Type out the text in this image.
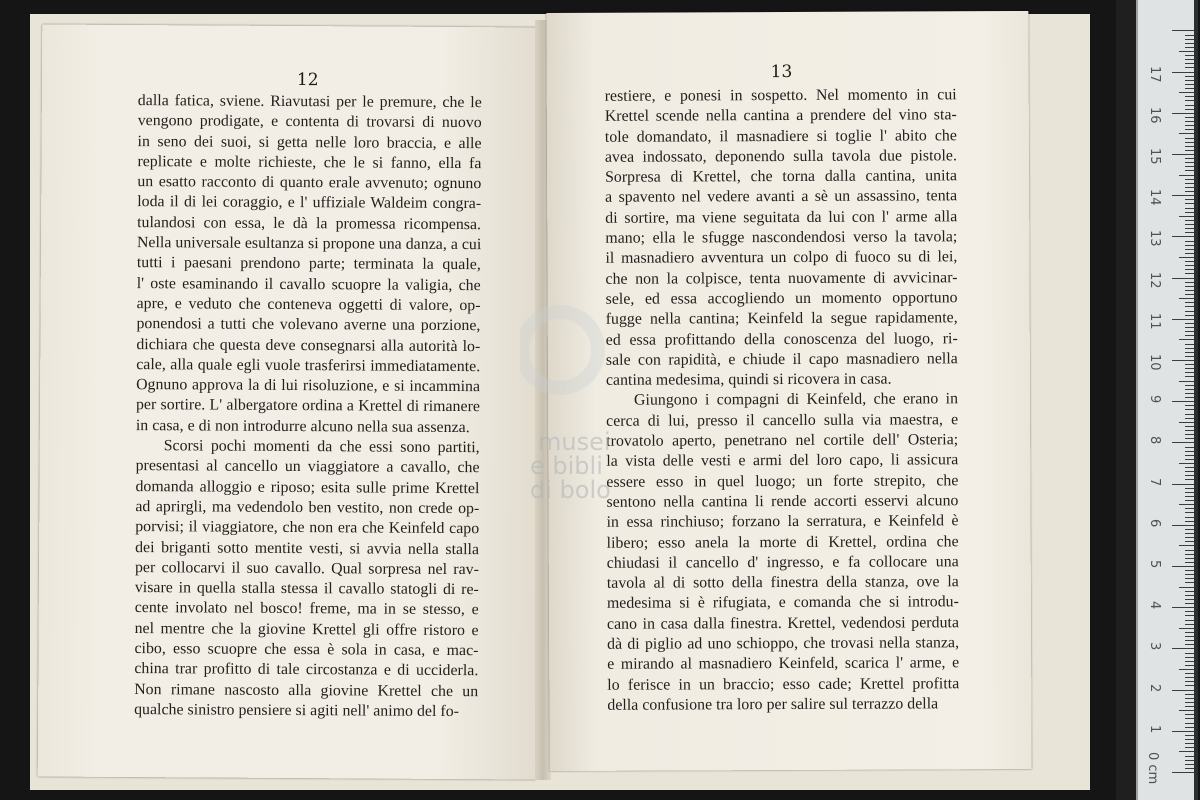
12
dalla fatica, sviene. Riavutasi per le premure, che le
vengono prodigate, e contenta di trovarsi di nuovo
in seno dei suoi, si getta nelle loro braccia, e alle
replicate e molte richieste, che le si fanno, ella fa
un esatto racconto di quanto erale avvenuto; ognuno
loda il di lei coraggio, e l' uffiziale Waldeim congra-
tulandosi con essa, le dà la promessa ricompensa.
Nella universale esultanza si propone una danza, a cui
tutti i paesani prendono parte; terminata la quale,
l' oste esaminando il cavallo scuopre la valigia, che
apre, e veduto che conteneva oggetti di valore, op-
ponendosi a tutti che volevano averne una porzione,
dichiara che questa deve consegnarsi alla autorità lo-
cale, alla quale egli vuole trasferirsi immediatamente.
Ognuno approva la di lui risoluzione, e si incammina
per sortire. L' albergatore ordina a Krettel di rimanere
in casa, e di non introdurre alcuno nella sua assenza.
Scorsi pochi momenti da che essi sono partiti,
presentasi al cancello un viaggiatore a cavallo, che
domanda alloggio e riposo; esita sulle prime Krettel
ad aprirgli, ma vedendolo ben vestito, non crede op-
porvisi; il viaggiatore, che non era che Keinfeld capo
dei briganti sotto mentite vesti, si avvia nella stalla
per collocarvi il suo cavallo. Qual sorpresa nel rav-
visare in quella stalla stessa il cavallo statogli di re-
cente involato nel bosco! freme, ma in se stesso, e
nel mentre che la giovine Krettel gli offre ristoro e
cibo, esso scuopre che essa è sola in casa, e mac-
china trar profitto di tale circostanza e di ucciderla.
Non rimane nascosto alla giovine Krettel che un
qualche sinistro pensiere si agiti nell' animo del fo-
13
restiere, e ponesi in sospetto. Nel momento in cui
Krettel scende nella cantina a prendere del vino sta-
tole domandato, il masnadiere si toglie l' abito che
avea indossato, deponendo sulla tavola due pistole.
Sorpresa di Krettel, che torna dalla cantina, unita
a spavento nel vedere avanti a sè un assassino, tenta
di sortire, ma viene seguitata da lui con l' arme alla
mano; ella le sfugge nascondendosi verso la tavola;
il masnadiero avventura un colpo di fuoco su di lei,
che non la colpisce, tenta nuovamente di avvicinar-
sele, ed essa accogliendo un momento opportuno
fugge nella cantina; Keinfeld la segue rapidamente,
ed essa profittando della conoscenza del luogo, ri-
sale con rapidità, e chiude il capo masnadiero nella
cantina medesima, quindi si ricovera in casa.
Giungono i compagni di Keinfeld, che erano in
cerca di lui, presso il cancello sulla via maestra, e
trovatolo aperto, penetrano nel cortile dell' Osteria;
la vista delle vesti e armi del loro capo, li assicura
essere esso in quel luogo; un forte strepito, che
sentono nella cantina li rende accorti esservi alcuno
in essa rinchiuso; forzano la serratura, e Keinfeld è
libero; esso anela la morte di Krettel, ordina che
chiudasi il cancello d' ingresso, e fa collocare una
tavola al di sotto della finestra della stanza, ove la
medesima si è rifugiata, e comanda che si introdu-
cano in casa dalla finestra. Krettel, vedendosi perduta
dà di piglio ad uno schioppo, che trovasi nella stanza,
e mirando al masnadiero Keinfeld, scarica l' arme, e
lo ferisce in un braccio; esso cade; Krettel profitta
della confusione tra loro per salire sul terrazzo della
musei
e bibli
di bolo
0 cm
1
2
3
4
5
6
7
8
9
10
11
12
13
14
15
16
17
